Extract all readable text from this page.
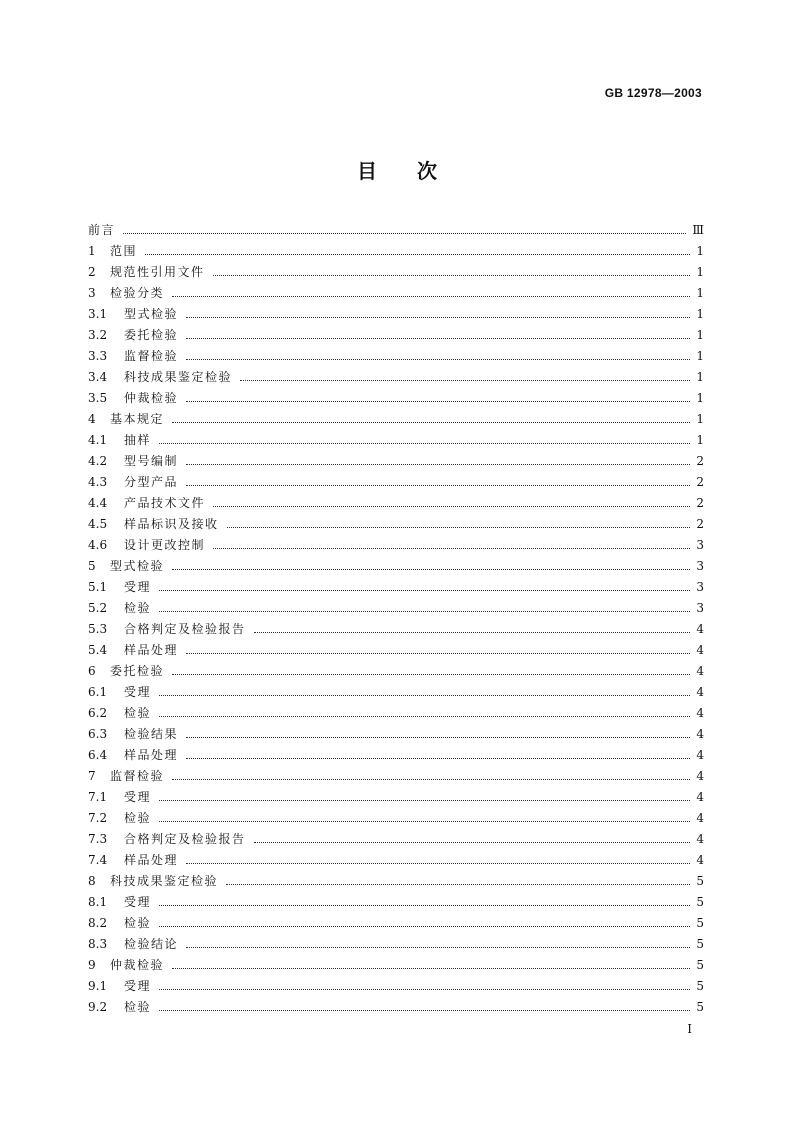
GB 12978—2003
目 次
前言	Ⅲ
1	范围	1
2	规范性引用文件	1
3	检验分类	1
3.1	型式检验	1
3.2	委托检验	1
3.3	监督检验	1
3.4	科技成果鉴定检验	1
3.5	仲裁检验	1
4	基本规定	1
4.1	抽样	1
4.2	型号编制	2
4.3	分型产品	2
4.4	产品技术文件	2
4.5	样品标识及接收	2
4.6	设计更改控制	3
5	型式检验	3
5.1	受理	3
5.2	检验	3
5.3	合格判定及检验报告	4
5.4	样品处理	4
6	委托检验	4
6.1	受理	4
6.2	检验	4
6.3	检验结果	4
6.4	样品处理	4
7	监督检验	4
7.1	受理	4
7.2	检验	4
7.3	合格判定及检验报告	4
7.4	样品处理	4
8	科技成果鉴定检验	5
8.1	受理	5
8.2	检验	5
8.3	检验结论	5
9	仲裁检验	5
9.1	受理	5
9.2	检验	5
I
